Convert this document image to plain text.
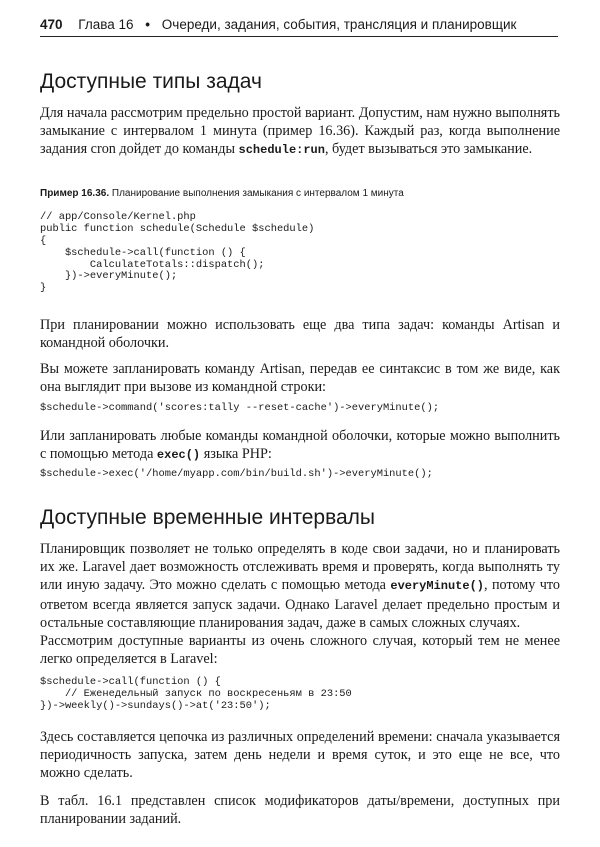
470 Глава 16 • Очереди, задания, события, трансляция и планировщик
Доступные типы задач

Для начала рассмотрим предельно простой вариант. Допустим, нам нужно выполнять замыкание с интервалом 1 минута (пример 16.36). Каждый раз, когда выполнение задания cron дойдет до команды schedule:run, будет вызываться это замыкание.

Пример 16.36. Планирование выполнения замыкания с интервалом 1 минута
// app/Console/Kernel.php
public function schedule(Schedule $schedule)
{
$schedule->call(function () {
CalculateTotals::dispatch();
})->everyMinute();
}

При планировании можно использовать еще два типа задач: команды Artisan и командной оболочки.

Вы можете запланировать команду Artisan, передав ее синтаксис в том же виде, как она выглядит при вызове из командной строки:

$schedule->command('scores:tally --reset-cache')->everyMinute();

Или запланировать любые команды командной оболочки, которые можно выполнить с помощью метода exec() языка PHP:

$schedule->exec('/home/myapp.com/bin/build.sh')->everyMinute();
Доступные временные интервалы

Планировщик позволяет не только определять в коде свои задачи, но и планировать их же. Laravel дает возможность отслеживать время и проверять, когда выполнять ту или иную задачу. Это можно сделать с помощью метода everyMinute(), потому что ответом всегда является запуск задачи. Однако Laravel делает предельно простым и остальные составляющие планирования задач, даже в самых сложных случаях.

Рассмотрим доступные варианты из очень сложного случая, который тем не менее легко определяется в Laravel:

$schedule->call(function () {
// Еженедельный запуск по воскресеньям в 23:50
})->weekly()->sundays()->at('23:50');

Здесь составляется цепочка из различных определений времени: сначала указывается периодичность запуска, затем день недели и время суток, и это еще не все, что можно сделать.

В табл. 16.1 представлен список модификаторов даты/времени, доступных при планировании заданий.
